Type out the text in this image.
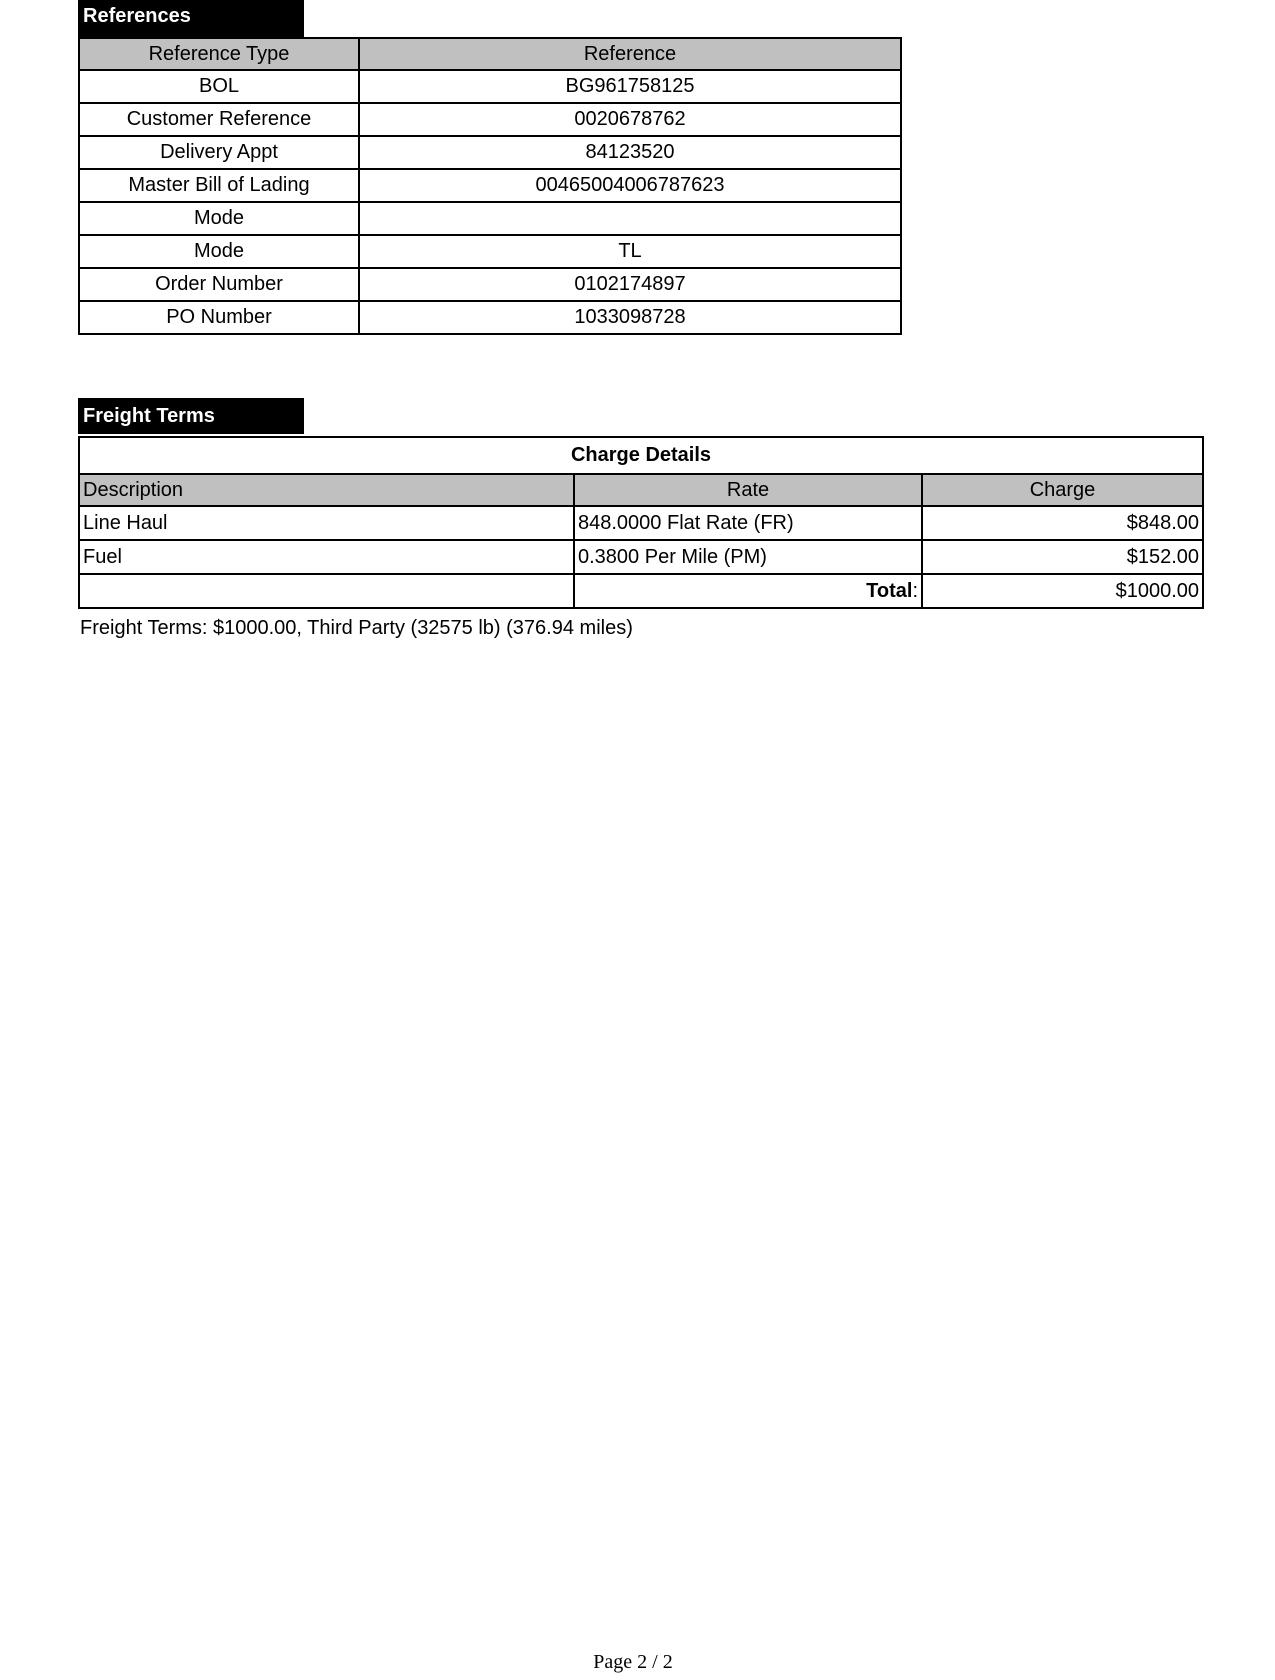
References
Reference Type	Reference
BOL	BG961758125
Customer Reference	0020678762
Delivery Appt	84123520
Master Bill of Lading	00465004006787623
Mode	
Mode	TL
Order Number	0102174897
PO Number	1033098728
Freight Terms
Charge Details		
Description	Rate	Charge
Line Haul	848.0000 Flat Rate (FR)	$848.00
Fuel	0.3800 Per Mile (PM)	$152.00
	Total:	$1000.00
Freight Terms: $1000.00, Third Party (32575 lb) (376.94 miles)
Page 2 / 2
